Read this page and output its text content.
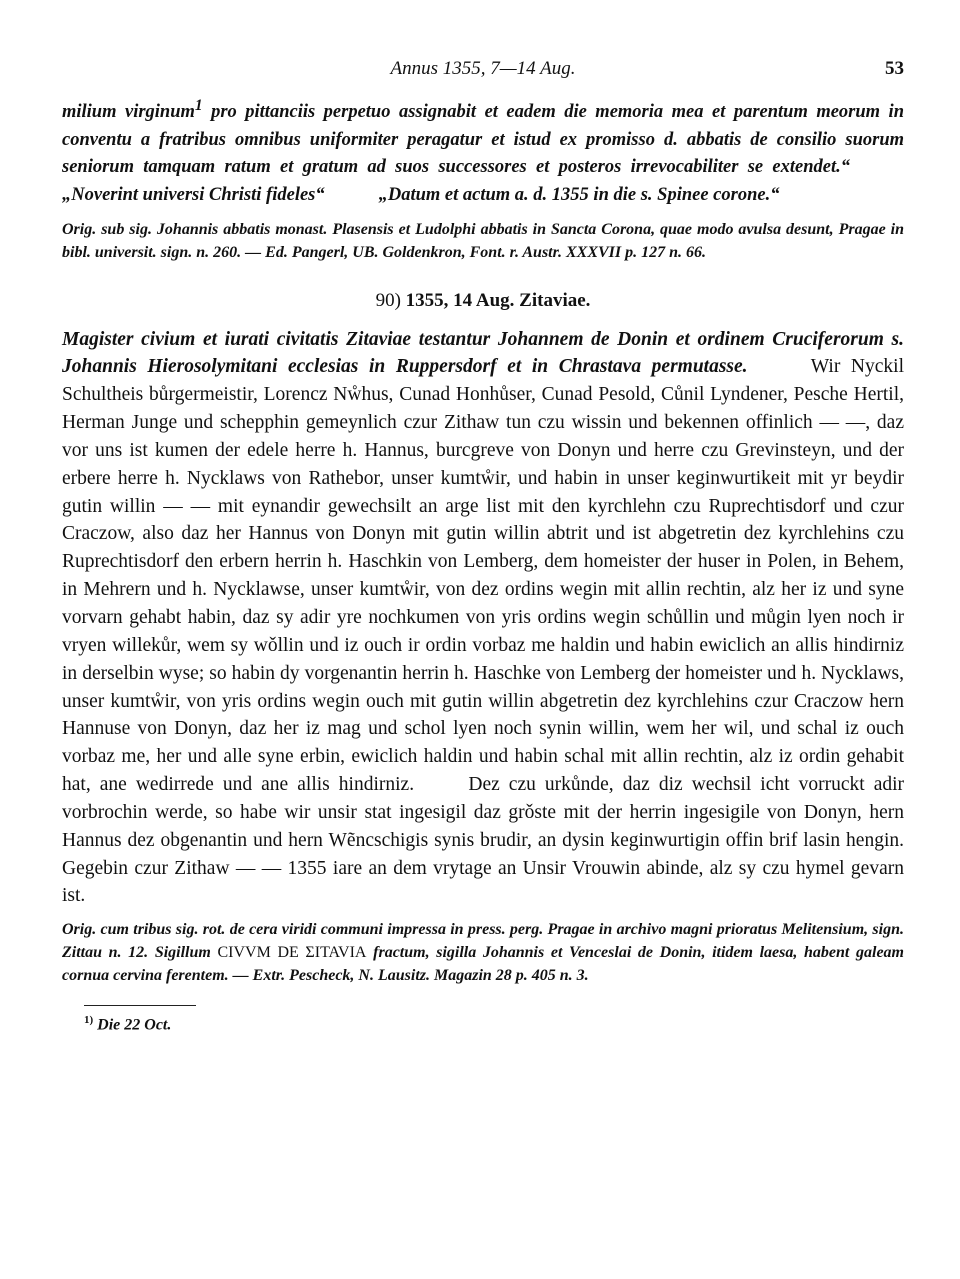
Annus 1355, 7—14 Aug.	53

milium virginum$^1$ pro pittanciis perpetuo assignabit et eadem die memoria mea et parentum meorum in conventu a fratribus omnibus uniformiter peragatur et istud ex promisso d. abbatis de consilio suorum seniorum tamquam ratum et gratum ad suos successores et posteros irrevocabiliter se extendet.“„Noverint universi Christi fideles“	„Datum et actum a. d. 1355 in die s. Spinee corone.“

Orig. sub sig. Johannis abbatis monast. Plasensis et Ludolphi abbatis in Sancta Corona, quae modo avulsa desunt, Pragae in bibl. universit. sign. n. 260. — Ed. Pangerl, UB. Goldenkron, Font. r. Austr. XXXVII p. 127 n. 66.
90) 1355, 14 Aug. Zitaviae.
Magister civium et iurati civitatis Zitaviae testantur Johannem de Donin et ordinem Cruciferorum s. Johannis Hierosolymitani ecclesias in Ruppersdorf et in Chrastava permutasse.	Wir Nyckil Schultheis bůrgermeistir, Lorencz Nẘhus, Cunad Honhůser, Cunad Pesold, Cůnil Lyndener, Pesche Hertil, Herman Junge und schepphin gemeynlich czur Zithaw tun czu wissin und bekennen offinlich — —, daz vor uns ist kumen der edele herre h. Hannus, burcgreve von Donyn und herre czu Grevinsteyn, und der erbere herre h. Nycklaws von Rathebor, unser kumtẘir, und habin in unser keginwurtikeit mit yr beydir gutin willin — — mit eynandir gewechsilt an arge list mit den kyrchlehn czu Ruprechtisdorf und czur Craczow, also daz her Hannus von Donyn mit gutin willin abtrit und ist abgetretin dez kyrchlehins czu Ruprechtisdorf den erbern herrin h. Haschkin von Lemberg, dem homeister der huser in Polen, in Behem, in Mehrern und h. Nycklawse, unser kumtẘir, von dez ordins wegin mit allin rechtin, alz her iz und syne vorvarn gehabt habin, daz sy adir yre nochkumen von yris ordins wegin schůllin und můgin lyen noch ir vryen willekůr, wem sy wǒllin und iz ouch ir ordin vorbaz me haldin und habin ewiclich an allis hindirniz in derselbin wyse; so habin dy vorgenantin herrin h. Haschke von Lemberg der homeister und h. Nycklaws, unser kumtẘir, von yris ordins wegin ouch mit gutin willin abgetretin dez kyrchlehins czur Craczow hern Hannuse von Donyn, daz her iz mag und schol lyen noch synin willin, wem her wil, und schal iz ouch vorbaz me, her und alle syne erbin, ewiclich haldin und habin schal mit allin rechtin, alz iz ordin gehabit hat, ane wedirrede und ane allis hindirniz.	Dez czu urkůnde, daz diz wechsil icht vorruckt adir vorbrochin werde, so habe wir unsir stat ingesigil daz grǒste mit der herrin ingesigile von Donyn, hern Hannus dez obgenantin und hern Wẽncschigis synis brudir, an dysin keginwurtigin offin brif lasin hengin. Gegebin czur Zithaw — — 1355 iare an dem vrytage an Unsir Vrouwin abinde, alz sy czu hymel gevarn ist.
Orig. cum tribus sig. rot. de cera viridi communi impressa in press. perg. Pragae in archivo magni prioratus Melitensium, sign. Zittau n. 12. Sigillum CIVVM DE ΣITAVIA fractum, sigilla Johannis et Venceslai de Donin, itidem laesa, habent galeam cornua cervina ferentem. — Extr. Pescheck, N. Lausitz. Magazin 28 p. 405 n. 3.
$^{1)}$ Die 22 Oct.
